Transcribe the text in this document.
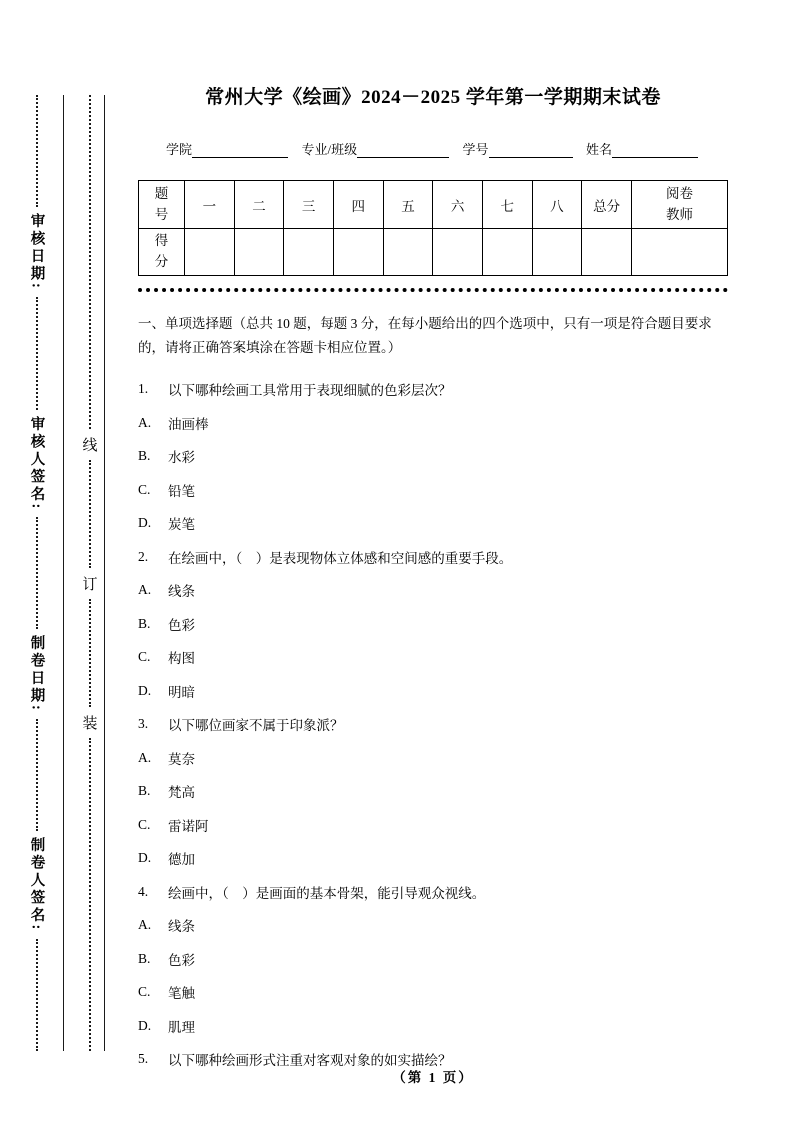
审核日期:
审核人签名:
制卷日期:
制卷人签名:
线
订
装
常州大学《绘画》2024－2025 学年第一学期期末试卷
学院	专业/班级	学号	姓名
题号	一	二	三	四	五	六	七	八	总分	阅卷教师
得分										

一、单项选择题（总共 10 题，每题 3 分，在每小题给出的四个选项中，只有一项是符合题目要求的，请将正确答案填涂在答题卡相应位置。）

1.	以下哪种绘画工具常用于表现细腻的色彩层次？
A.	油画棒
B.	水彩
C.	铅笔
D.	炭笔
2.	在绘画中，（　）是表现物体立体感和空间感的重要手段。
A.	线条
B.	色彩
C.	构图
D.	明暗
3.	以下哪位画家不属于印象派？
A.	莫奈
B.	梵高
C.	雷诺阿
D.	德加
4.	绘画中，（　）是画面的基本骨架，能引导观众视线。
A.	线条
B.	色彩
C.	笔触
D.	肌理
5.	以下哪种绘画形式注重对客观对象的如实描绘？
（第 1 页）
